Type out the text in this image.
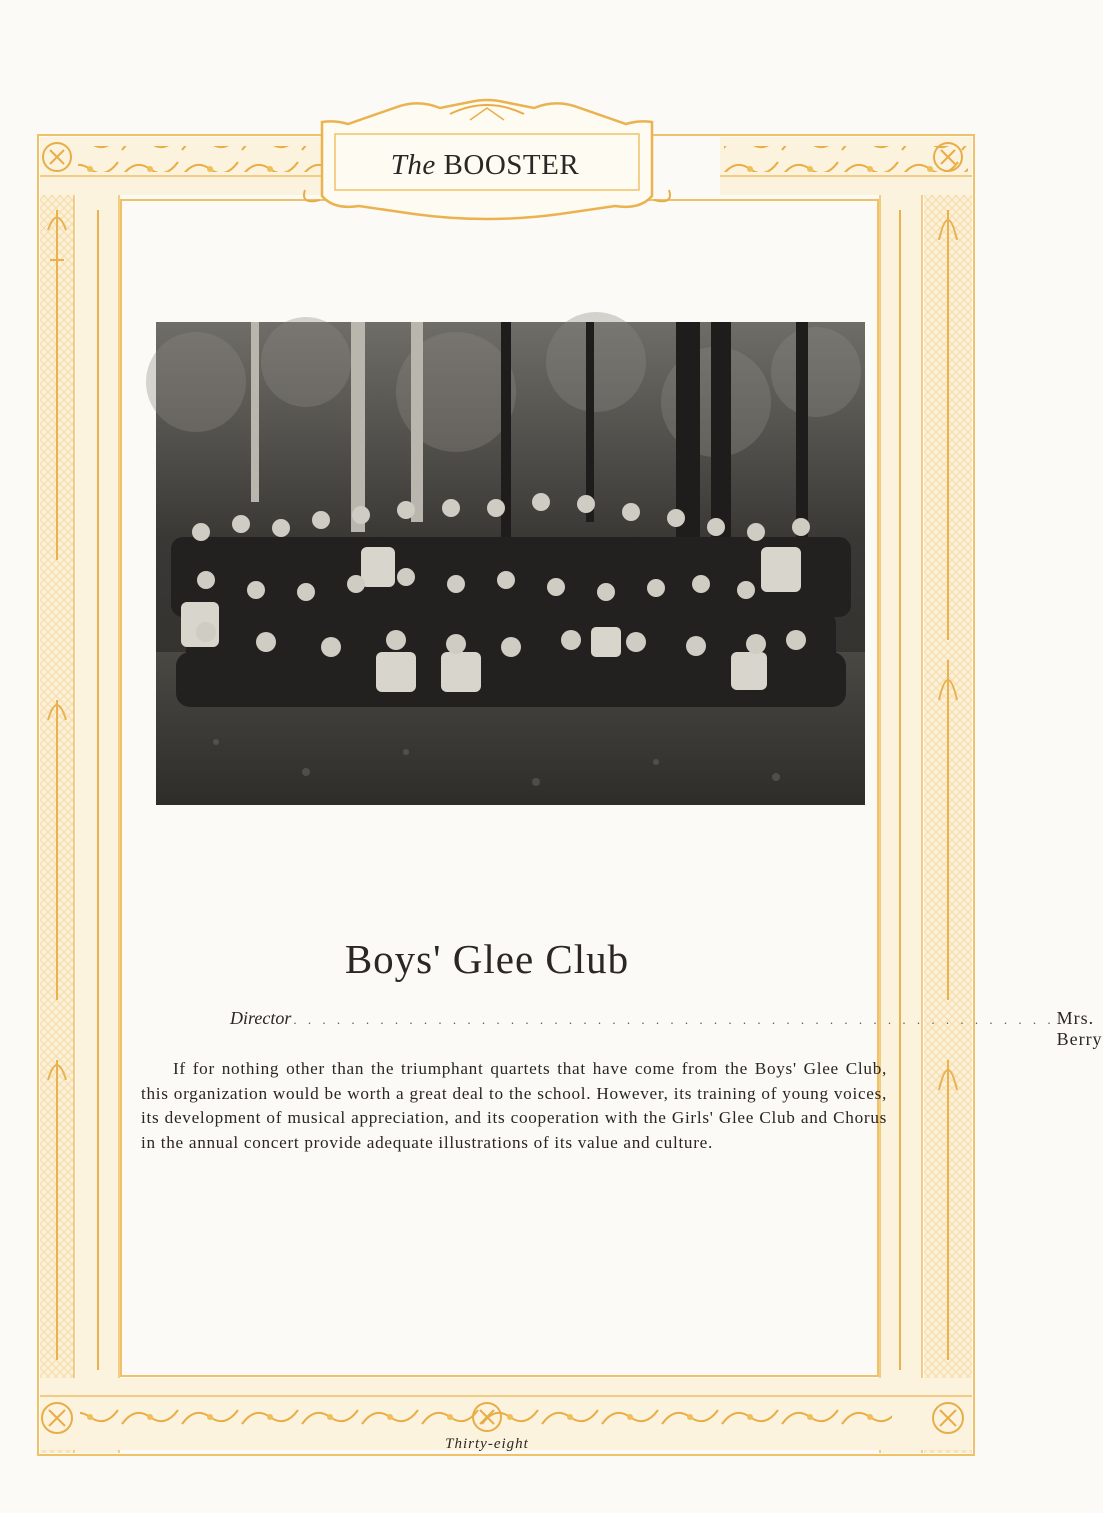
The BOOSTER
Boys' Glee Club
Director . . . . . . . . . . . . . . . . . . . . . . . . . . . . . . . . . . . . . . . . . . . . . . . . . . . . . Mrs. Berry

If for nothing other than the triumphant quartets that have come from the Boys' Glee Club, this organization would be worth a great deal to the school. However, its training of young voices, its development of musical appreciation, and its cooperation with the Girls' Glee Club and Chorus in the annual concert provide adequate illustrations of its value and culture.

Thirty-eight
